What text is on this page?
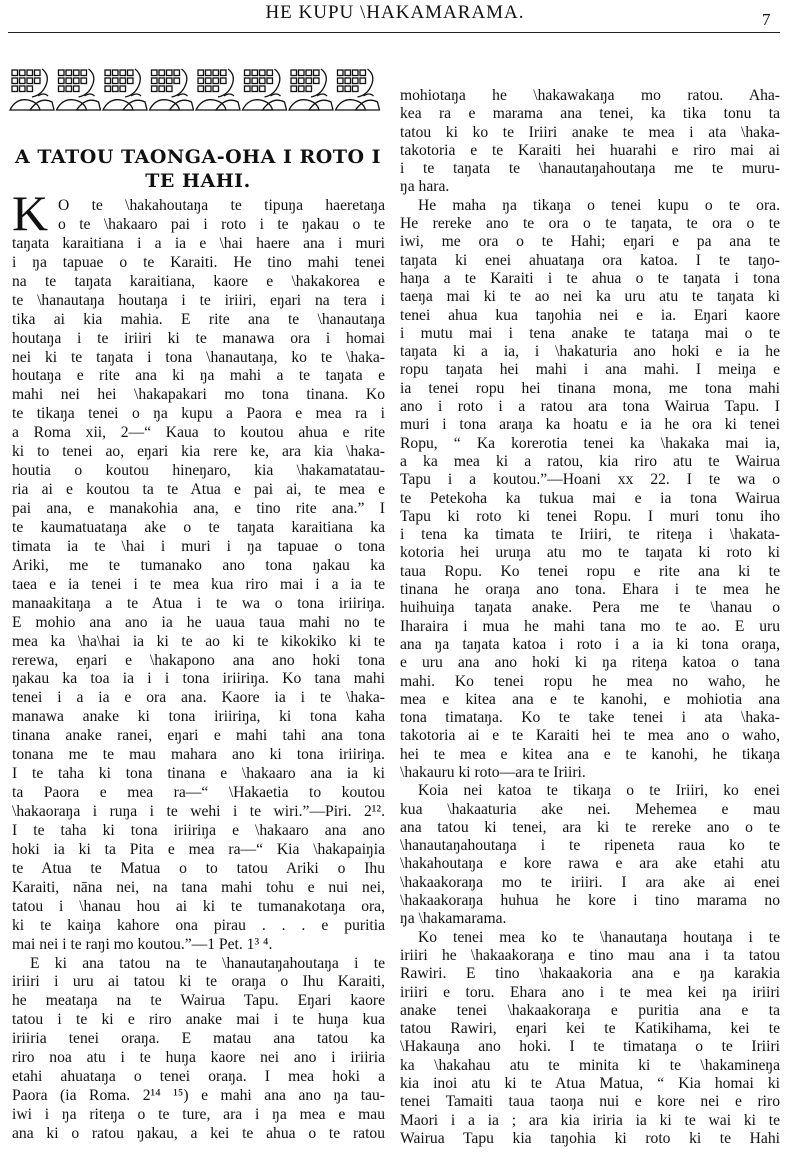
HE KUPU \HAKAMARAMA.	7
A TATOU TAONGA-OHA I ROTO I
TE HAHI.
K O te \hakahoutaŋa te tipuŋa haeretaŋa
o te \hakaaro pai i roto i te ŋakau o te
taŋata karaitiana i a ia e \hai haere ana i muri
i ŋa tapuae o te Karaiti. He tino mahi tenei
na te taŋata karaitiana, kaore e \hakakorea e
te \hanautaŋa houtaŋa i te iriiri, eŋari na tera i
tika ai kia mahia. E rite ana te \hanautaŋa
houtaŋa i te iriiri ki te manawa ora i homai
nei ki te taŋata i tona \hanautaŋa, ko te \haka-
houtaŋa e rite ana ki ŋa mahi a te taŋata e
mahi nei hei \hakapakari mo tona tinana. Ko
te tikaŋa tenei o ŋa kupu a Paora e mea ra i
a Roma xii, 2—“ Kaua to koutou ahua e rite
ki to tenei ao, eŋari kia rere ke, ara kia \haka-
houtia o koutou hineŋaro, kia \hakamatatau-
ria ai e koutou ta te Atua e pai ai, te mea e
pai ana, e manakohia ana, e tino rite ana.” I
te kaumatuataŋa ake o te taŋata karaitiana ka
timata ia te \hai i muri i ŋa tapuae o tona
Ariki, me te tumanako ano tona ŋakau ka
taea e ia tenei i te mea kua riro mai i a ia te
manaakitaŋa a te Atua i te wa o tona iriiriŋa.
E mohio ana ano ia he uaua taua mahi no te
mea ka \ha\hai ia ki te ao ki te kikokiko ki te
rerewa, eŋari e \hakapono ana ano hoki tona
ŋakau ka toa ia i i tona iriiriŋa. Ko tana mahi
tenei i a ia e ora ana. Kaore ia i te \haka-
manawa anake ki tona iriiriŋa, ki tona kaha
tinana anake ranei, eŋari e mahi tahi ana tona
tonana me te mau mahara ano ki tona iriiriŋa.
I te taha ki tona tinana e \hakaaro ana ia ki
ta Paora e mea ra—“ \Hakaetia to koutou
\hakaoraŋa i ruŋa i te wehi i te wiri.”—Piri. 2¹².
I te taha ki tona iriiriŋa e \hakaaro ana ano
hoki ia ki ta Pita e mea ra—“ Kia \hakapaiŋia
te Atua te Matua o to tatou Ariki o Ihu
Karaiti, nāna nei, na tana mahi tohu e nui nei,
tatou i \hanau hou ai ki te tumanakotaŋa ora,
ki te kaiŋa kahore ona pirau . . . e puritia
mai nei i te raŋi mo koutou.”—1 Pet. 1³ ⁴.
E ki ana tatou na te \hanautaŋahoutaŋa i te
iriiri i uru ai tatou ki te oraŋa o Ihu Karaiti,
he meataŋa na te Wairua Tapu. Eŋari kaore
tatou i te ki e riro anake mai i te huŋa kua
iriiria tenei oraŋa. E matau ana tatou ka
riro noa atu i te huŋa kaore nei ano i iriiria
etahi ahuataŋa o tenei oraŋa. I mea hoki a
Paora (ia Roma. 2¹⁴ ¹⁵) e mahi ana ano ŋa tau-
iwi i ŋa riteŋa o te ture, ara i ŋa mea e mau
ana ki o ratou ŋakau, a kei te ahua o te ratou
mohiotaŋa he \hakawakaŋa mo ratou. Aha-
kea ra e marama ana tenei, ka tika tonu ta
tatou ki ko te Iriiri anake te mea i ata \haka-
takotoria e te Karaiti hei huarahi e riro mai ai
i te taŋata te \hanautaŋahoutaŋa me te muru-
ŋa hara.
He maha ŋa tikaŋa o tenei kupu o te ora.
He rereke ano te ora o te taŋata, te ora o te
iwi, me ora o te Hahi; eŋari e pa ana te
taŋata ki enei ahuataŋa ora katoa. I te taŋo-
haŋa a te Karaiti i te ahua o te taŋata i tona
taeŋa mai ki te ao nei ka uru atu te taŋata ki
tenei ahua kua taŋohia nei e ia. Eŋari kaore
i mutu mai i tena anake te tataŋa mai o te
taŋata ki a ia, i \hakaturia ano hoki e ia he
ropu taŋata hei mahi i ana mahi. I meiŋa e
ia tenei ropu hei tinana mona, me tona mahi
ano i roto i a ratou ara tona Wairua Tapu. I
muri i tona araŋa ka hoatu e ia he ora ki tenei
Ropu, “ Ka korerotia tenei ka \hakaka mai ia,
a ka mea ki a ratou, kia riro atu te Wairua
Tapu i a koutou.”—Hoani xx 22. I te wa o
te Petekoha ka tukua mai e ia tona Wairua
Tapu ki roto ki tenei Ropu. I muri tonu iho
i tena ka timata te Iriiri, te riteŋa i \hakata-
kotoria hei uruŋa atu mo te taŋata ki roto ki
taua Ropu. Ko tenei ropu e rite ana ki te
tinana he oraŋa ano tona. Ehara i te mea he
huihuiŋa taŋata anake. Pera me te \hanau o
Iharaira i mua he mahi tana mo te ao. E uru
ana ŋa taŋata katoa i roto i a ia ki tona oraŋa,
e uru ana ano hoki ki ŋa riteŋa katoa o tana
mahi. Ko tenei ropu he mea no waho, he
mea e kitea ana e te kanohi, e mohiotia ana
tona timataŋa. Ko te take tenei i ata \haka-
takotoria ai e te Karaiti hei te mea ano o waho,
hei te mea e kitea ana e te kanohi, he tikaŋa
\hakauru ki roto—ara te Iriiri.
Koia nei katoa te tikaŋa o te Iriiri, ko enei
kua \hakaaturia ake nei. Mehemea e mau
ana tatou ki tenei, ara ki te rereke ano o te
\hanautaŋahoutaŋa i te ripeneta raua ko te
\hakahoutaŋa e kore rawa e ara ake etahi atu
\hakaakoraŋa mo te iriiri. I ara ake ai enei
\hakaakoraŋa huhua he kore i tino marama no
ŋa \hakamarama.
Ko tenei mea ko te \hanautaŋa houtaŋa i te
iriiri he \hakaakoraŋa e tino mau ana i ta tatou
Rawiri. E tino \hakaakoria ana e ŋa karakia
iriiri e toru. Ehara ano i te mea kei ŋa iriiri
anake tenei \hakaakoraŋa e puritia ana e ta
tatou Rawiri, eŋari kei te Katikihama, kei te
\Hakauŋa ano hoki. I te timataŋa o te Iriiri
ka \hakahau atu te minita ki te \hakamineŋa
kia inoi atu ki te Atua Matua, “ Kia homai ki
tenei Tamaiti taua taoŋa nui e kore nei e riro
Maori i a ia ; ara kia iriria ia ki te wai ki te
Wairua Tapu kia taŋohia ki roto ki te Hahi
